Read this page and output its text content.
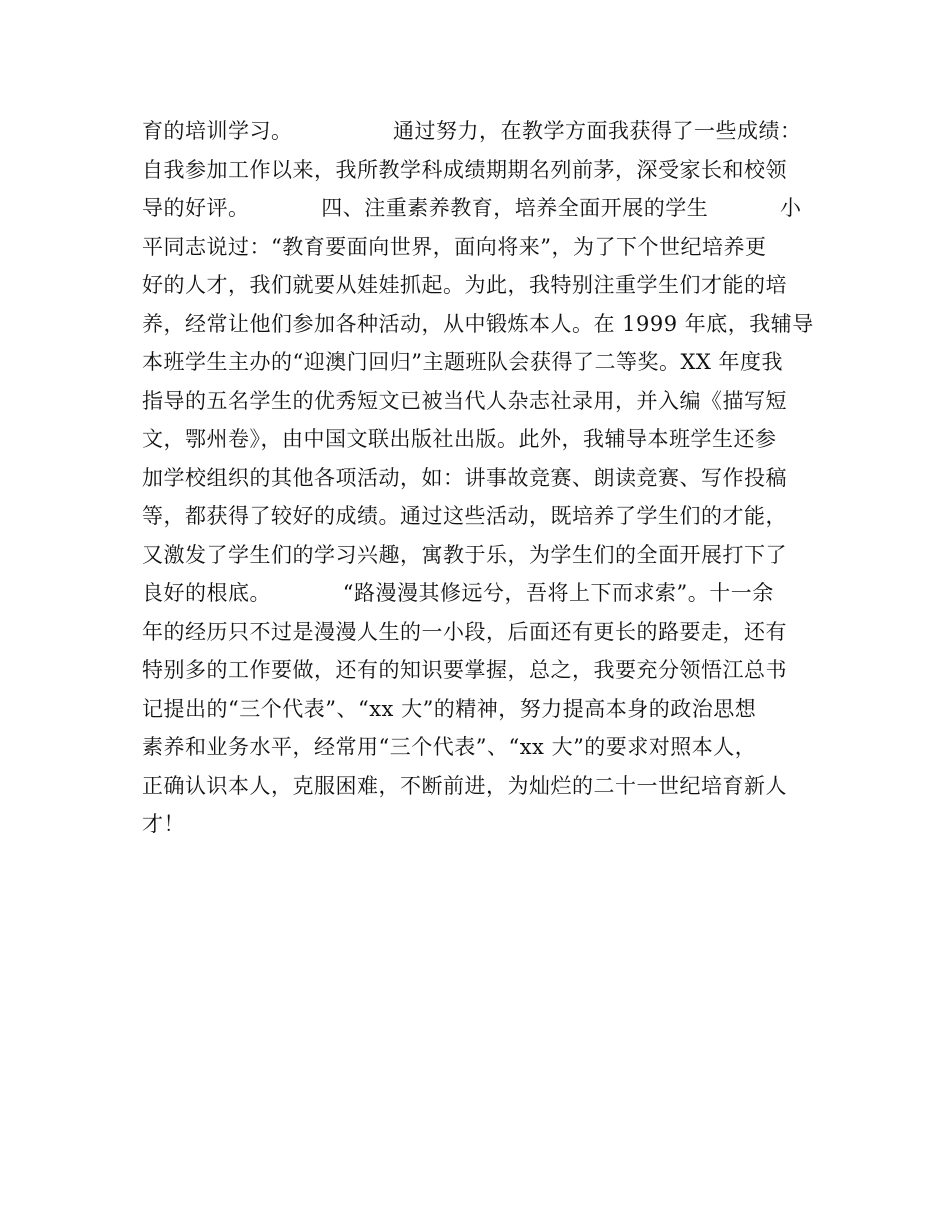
育的培训学习。              通过努力，在教学方面我获得了一些成绩：
自我参加工作以来，我所教学科成绩期期名列前茅，深受家长和校领
导的好评。          四、注重素养教育，培养全面开展的学生          小
平同志说过：“教育要面向世界，面向将来”，为了下个世纪培养更
好的人才，我们就要从娃娃抓起。为此，我特别注重学生们才能的培
养，经常让他们参加各种活动，从中锻炼本人。在 1999 年底，我辅导
本班学生主办的“迎澳门回归”主题班队会获得了二等奖。XX 年度我
指导的五名学生的优秀短文已被当代人杂志社录用，并入编《描写短
文，鄂州卷》，由中国文联出版社出版。此外，我辅导本班学生还参
加学校组织的其他各项活动，如：讲事故竞赛、朗读竞赛、写作投稿
等，都获得了较好的成绩。通过这些活动，既培养了学生们的才能，
又激发了学生们的学习兴趣，寓教于乐，为学生们的全面开展打下了
良好的根底。          “路漫漫其修远兮，吾将上下而求索”。十一余
年的经历只不过是漫漫人生的一小段，后面还有更长的路要走，还有
特别多的工作要做，还有的知识要掌握，总之，我要充分领悟江总书
记提出的“三个代表”、“xx 大”的精神，努力提高本身的政治思想
素养和业务水平，经常用“三个代表”、“xx 大”的要求对照本人，
正确认识本人，克服困难，不断前进，为灿烂的二十一世纪培育新人
才！
